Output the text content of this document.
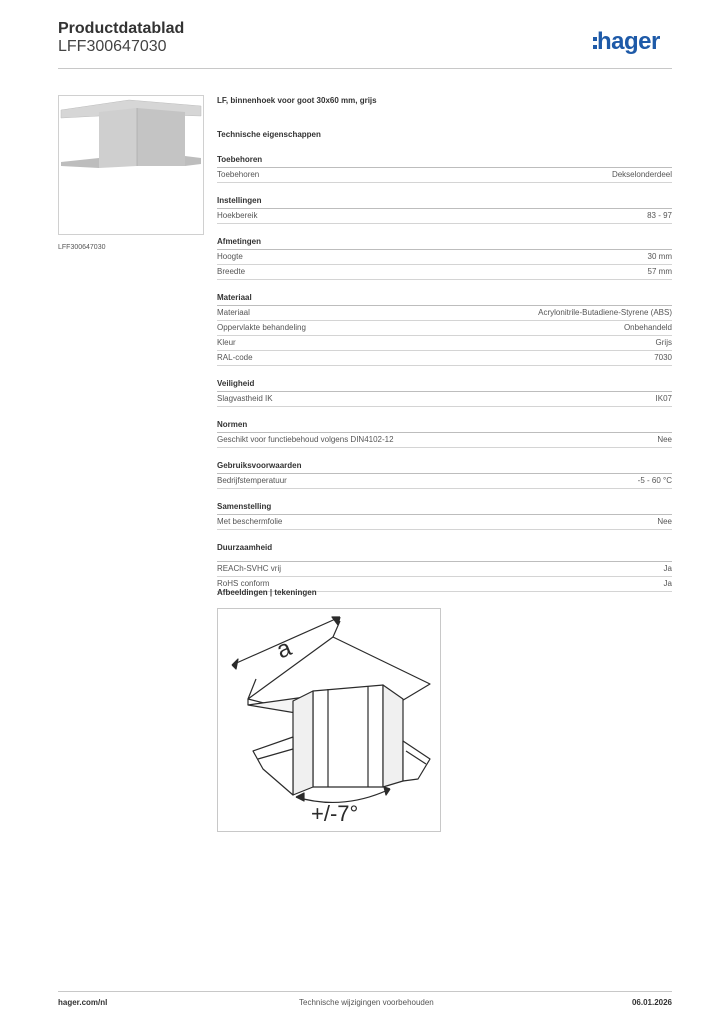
Productdatablad
LFF300647030	hager
LFF300647030
LF, binnenhoek voor goot 30x60 mm, grijs
Technische eigenschappen
Toebehoren
Toebehoren	Dekselonderdeel
Instellingen
Hoekbereik	83 - 97
Afmetingen
Hoogte	30 mm
Breedte	57 mm
Materiaal
Materiaal	Acrylonitrile-Butadiene-Styrene (ABS)
Oppervlakte behandeling	Onbehandeld
Kleur	Grijs
RAL-code	7030
Veiligheid
Slagvastheid IK	IK07
Normen
Geschikt voor functiebehoud volgens DIN4102-12	Nee
Gebruiksvoorwaarden
Bedrijfstemperatuur	-5 - 60 °C
Samenstelling
Met beschermfolie	Nee
Duurzaamheid
REACh-SVHC vrij	Ja
RoHS conform	Ja
Afbeeldingen | tekeningen
a
+/-7°
hager.com/nl	Technische wijzigingen voorbehouden	06.01.2026
